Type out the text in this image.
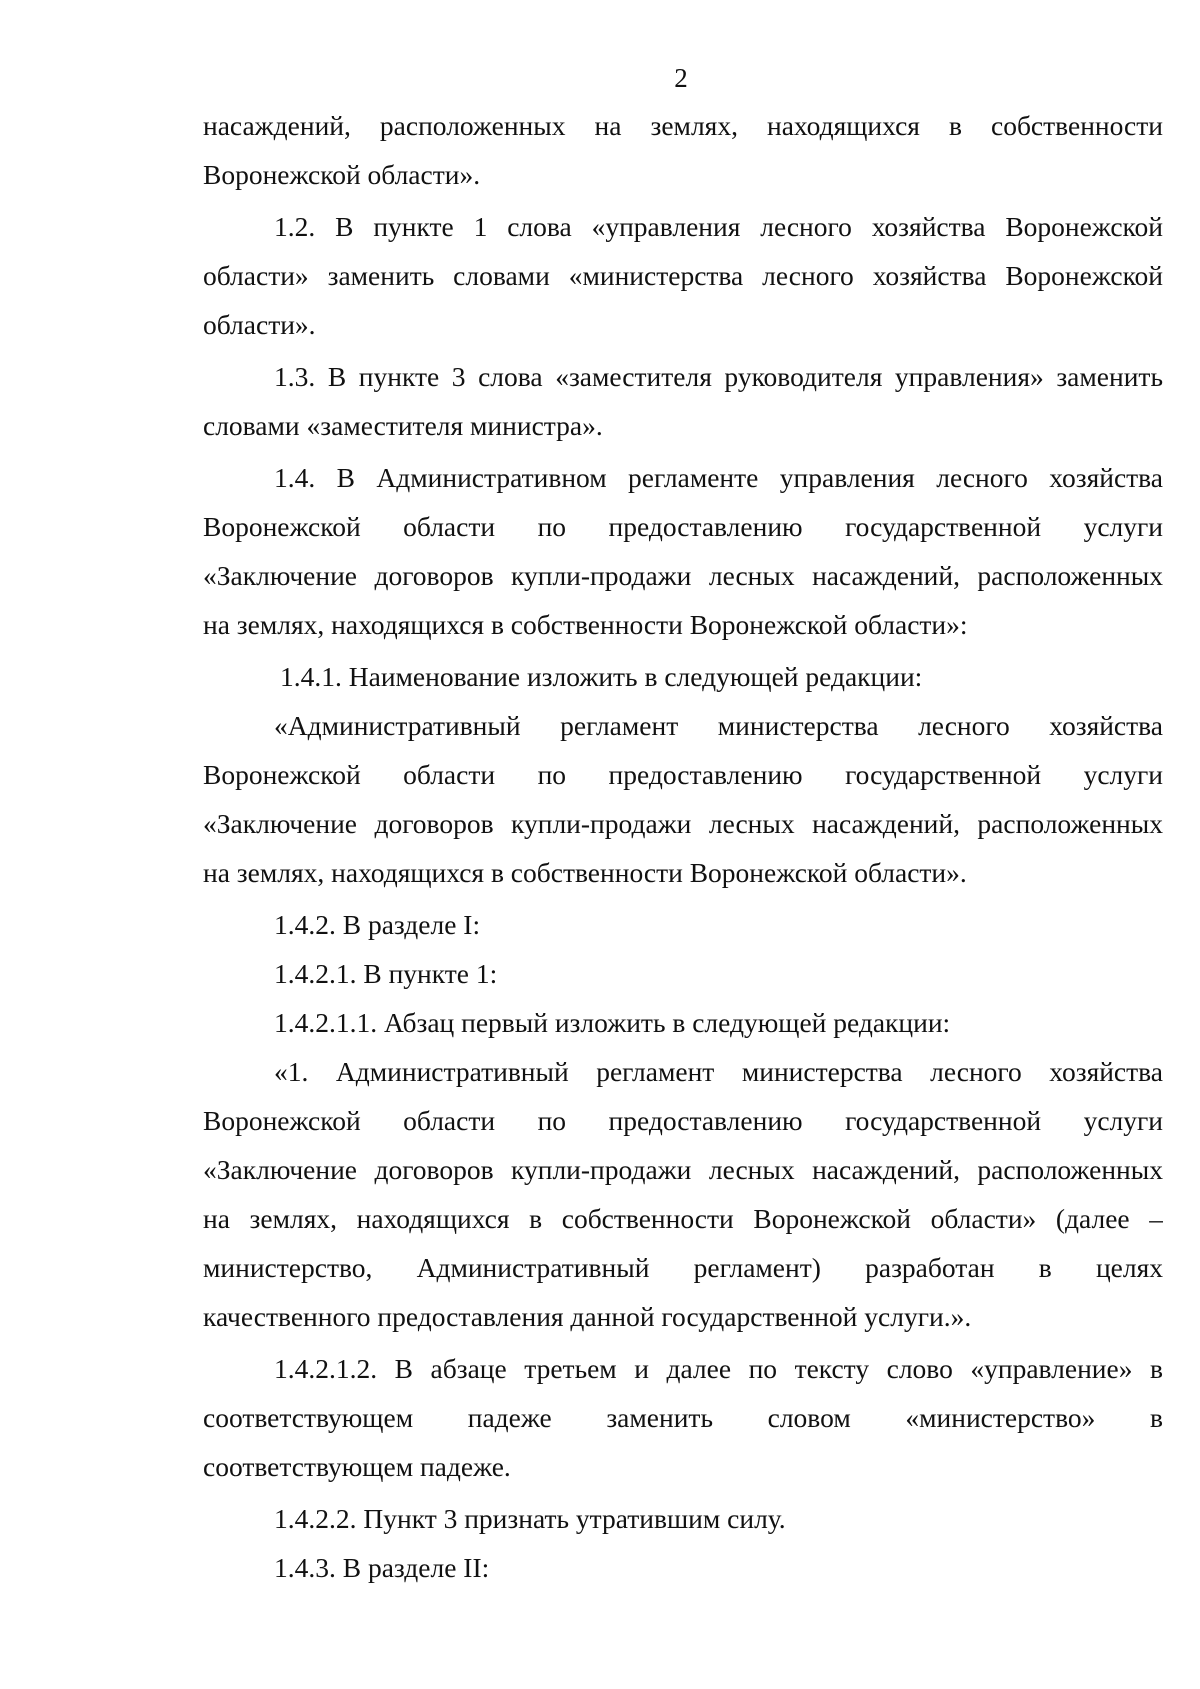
2
насаждений, расположенных на землях, находящихся в собственности
Воронежской области».
1.2. В пункте 1 слова «управления лесного хозяйства Воронежской
области» заменить словами «министерства лесного хозяйства Воронежской
области».
1.3. В пункте 3 слова «заместителя руководителя управления» заменить
словами «заместителя министра».
1.4. В Административном регламенте управления лесного хозяйства
Воронежской области по предоставлению государственной услуги
«Заключение договоров купли-продажи лесных насаждений, расположенных
на землях, находящихся в собственности Воронежской области»:
1.4.1. Наименование изложить в следующей редакции:
«Административный регламент министерства лесного хозяйства
Воронежской области по предоставлению государственной услуги
«Заключение договоров купли-продажи лесных насаждений, расположенных
на землях, находящихся в собственности Воронежской области».
1.4.2. В разделе I:
1.4.2.1. В пункте 1:
1.4.2.1.1. Абзац первый изложить в следующей редакции:
«1. Административный регламент министерства лесного хозяйства
Воронежской области по предоставлению государственной услуги
«Заключение договоров купли-продажи лесных насаждений, расположенных
на землях, находящихся в собственности Воронежской области» (далее –
министерство, Административный регламент) разработан в целях
качественного предоставления данной государственной услуги.».
1.4.2.1.2. В абзаце третьем и далее по тексту слово «управление» в
соответствующем падеже заменить словом «министерство» в
соответствующем падеже.
1.4.2.2. Пункт 3 признать утратившим силу.
1.4.3. В разделе II:
